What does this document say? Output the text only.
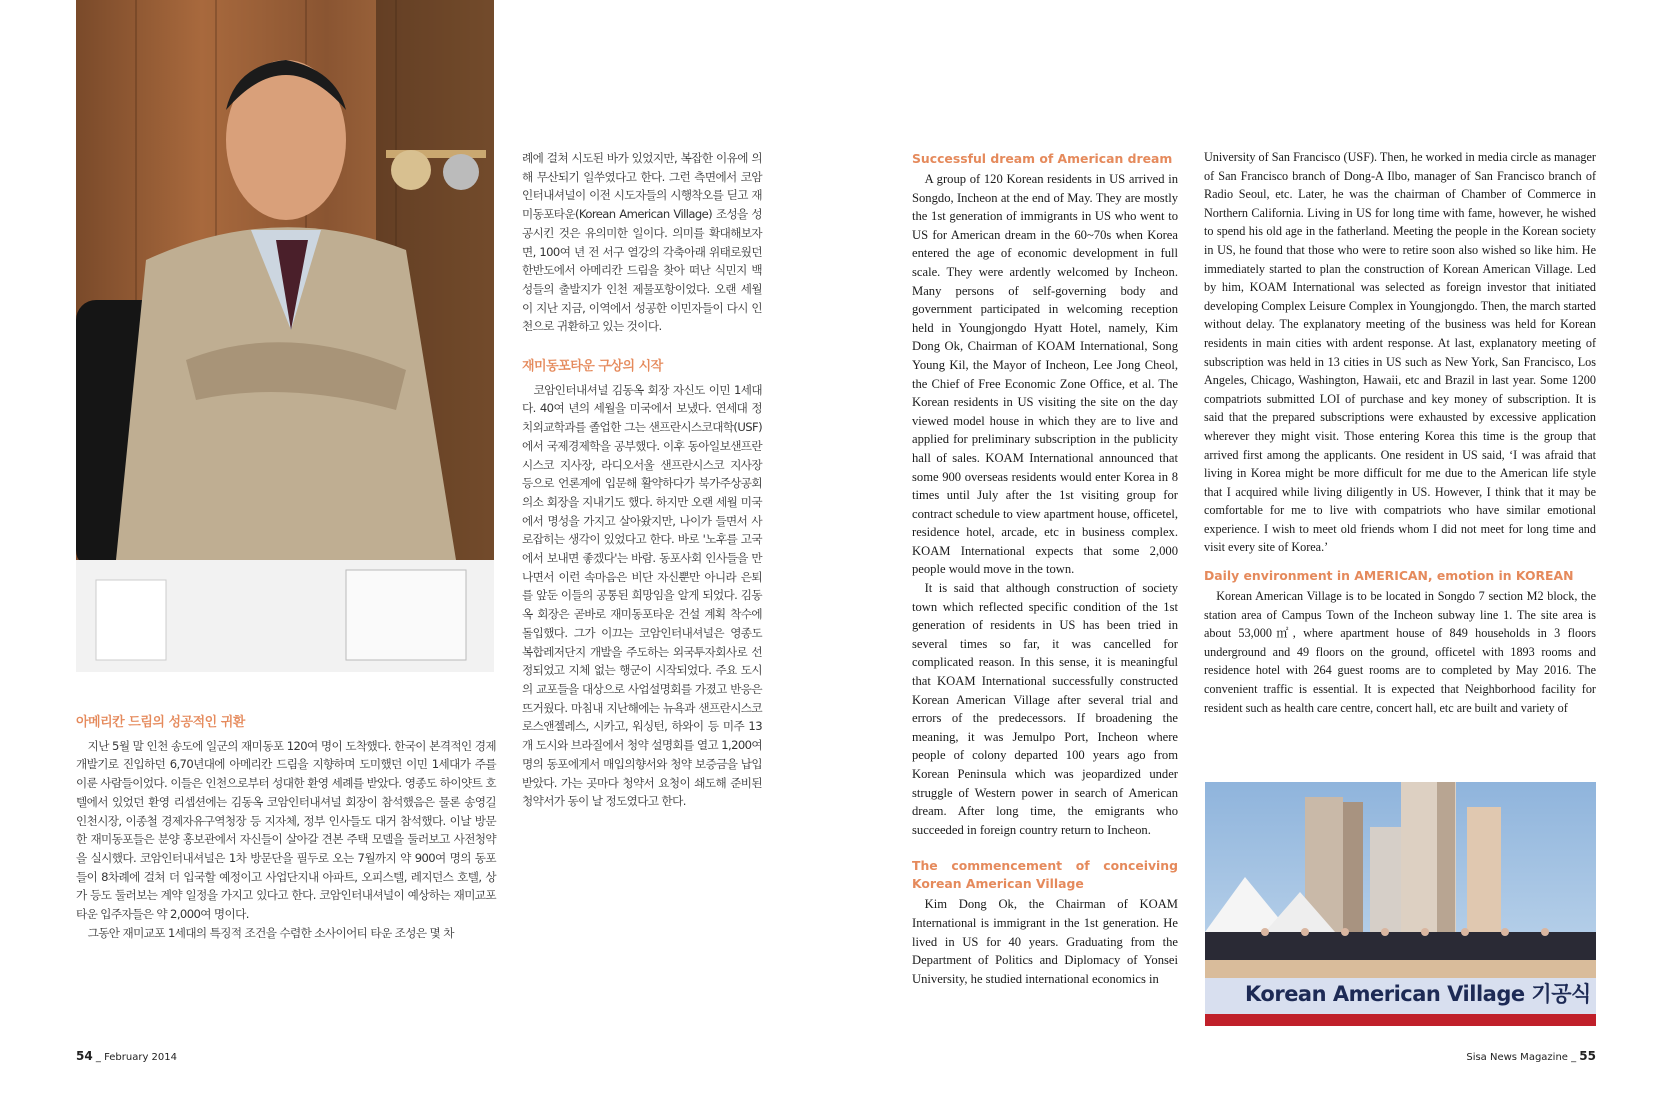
아메리칸 드림의 성공적인 귀환

지난 5월 말 인천 송도에 일군의 재미동포 120여 명이 도착했다. 한국이 본격적인 경제개발기로 진입하던 6,70년대에 아메리칸 드림을 지향하며 도미했던 이민 1세대가 주를 이룬 사람들이었다. 이들은 인천으로부터 성대한 환영 세례를 받았다. 영종도 하이얏트 호텔에서 있었던 환영 리셉션에는 김동옥 코암인터내셔널 회장이 참석했음은 물론 송영길 인천시장, 이종철 경제자유구역청장 등 지자체, 정부 인사들도 대거 참석했다. 이날 방문한 재미동포들은 분양 홍보관에서 자신들이 살아갈 견본 주택 모델을 둘러보고 사전청약을 실시했다. 코암인터내셔널은 1차 방문단을 필두로 오는 7월까지 약 900여 명의 동포들이 8차례에 걸쳐 더 입국할 예정이고 사업단지내 아파트, 오피스텔, 레지던스 호텔, 상가 등도 둘러보는 계약 일정을 가지고 있다고 한다. 코암인터내셔널이 예상하는 재미교포타운 입주자들은 약 2,000여 명이다.

그동안 재미교포 1세대의 특징적 조건을 수렴한 소사이어티 타운 조성은 몇 차

례에 걸쳐 시도된 바가 있었지만, 복잡한 이유에 의해 무산되기 일쑤였다고 한다. 그런 측면에서 코암인터내셔널이 이전 시도자들의 시행착오를 딛고 재미동포타운(Korean American Village) 조성을 성공시킨 것은 유의미한 일이다. 의미를 확대해보자면, 100여 년 전 서구 열강의 각축아래 위태로웠던 한반도에서 아메리칸 드림을 찾아 떠난 식민지 백성들의 출발지가 인천 제물포항이었다. 오랜 세월이 지난 지금, 이역에서 성공한 이민자들이 다시 인천으로 귀환하고 있는 것이다.

재미동포타운 구상의 시작

코암인터내셔널 김동옥 회장 자신도 이민 1세대다. 40여 년의 세월을 미국에서 보냈다. 연세대 정치외교학과를 졸업한 그는 샌프란시스코대학(USF)에서 국제경제학을 공부했다. 이후 동아일보샌프란시스코 지사장, 라디오서울 샌프란시스코 지사장 등으로 언론계에 입문해 활약하다가 북가주상공회의소 회장을 지내기도 했다. 하지만 오랜 세월 미국에서 명성을 가지고 살아왔지만, 나이가 들면서 사로잡히는 생각이 있었다고 한다. 바로 '노후를 고국에서 보내면 좋겠다'는 바람. 동포사회 인사들을 만나면서 이런 속마음은 비단 자신뿐만 아니라 은퇴를 앞둔 이들의 공통된 희망임을 알게 되었다. 김동옥 회장은 곧바로 재미동포타운 건설 계획 착수에 돌입했다. 그가 이끄는 코암인터내셔널은 영종도 복합레저단지 개발을 주도하는 외국투자회사로 선정되었고 지체 없는 행군이 시작되었다. 주요 도시의 교포들을 대상으로 사업설명회를 가졌고 반응은 뜨거웠다. 마침내 지난해에는 뉴욕과 샌프란시스코 로스앤젤레스, 시카고, 워싱턴, 하와이 등 미주 13개 도시와 브라질에서 청약 설명회를 열고 1,200여 명의 동포에게서 매입의향서와 청약 보증금을 납입 받았다. 가는 곳마다 청약서 요청이 쇄도해 준비된 청약서가 동이 날 정도였다고 한다.

Successful dream of American dream

A group of 120 Korean residents in US arrived in Songdo, Incheon at the end of May. They are mostly the 1st generation of immigrants in US who went to US for American dream in the 60~70s when Korea entered the age of economic development in full scale. They were ardently welcomed by Incheon. Many persons of self-governing body and government participated in welcoming reception held in Youngjongdo Hyatt Hotel, namely, Kim Dong Ok, Chairman of KOAM International, Song Young Kil, the Mayor of Incheon, Lee Jong Cheol, the Chief of Free Economic Zone Office, et al. The Korean residents in US visiting the site on the day viewed model house in which they are to live and applied for preliminary subscription in the publicity hall of sales. KOAM International announced that some 900 overseas residents would enter Korea in 8 times until July after the 1st visiting group for contract schedule to view apartment house, officetel, residence hotel, arcade, etc in business complex. KOAM International expects that some 2,000 people would move in the town.

It is said that although construction of society town which reflected specific condition of the 1st generation of residents in US has been tried in several times so far, it was cancelled for complicated reason. In this sense, it is meaningful that KOAM International successfully constructed Korean American Village after several trial and errors of the predecessors. If broadening the meaning, it was Jemulpo Port, Incheon where people of colony departed 100 years ago from Korean Peninsula which was jeopardized under struggle of Western power in search of American dream. After long time, the emigrants who succeeded in foreign country return to Incheon.

The commencement of conceiving Korean American Village

Kim Dong Ok, the Chairman of KOAM International is immigrant in the 1st generation. He lived in US for 40 years. Graduating from the Department of Politics and Diplomacy of Yonsei University, he studied international economics in

University of San Francisco (USF). Then, he worked in media circle as manager of San Francisco branch of Dong-A Ilbo, manager of San Francisco branch of Radio Seoul, etc. Later, he was the chairman of Chamber of Commerce in Northern California. Living in US for long time with fame, however, he wished to spend his old age in the fatherland. Meeting the people in the Korean society in US, he found that those who were to retire soon also wished so like him. He immediately started to plan the construction of Korean American Village. Led by him, KOAM International was selected as foreign investor that initiated developing Complex Leisure Complex in Youngjongdo. Then, the march started without delay. The explanatory meeting of the business was held for Korean residents in main cities with ardent response. At last, explanatory meeting of subscription was held in 13 cities in US such as New York, San Francisco, Los Angeles, Chicago, Washington, Hawaii, etc and Brazil in last year. Some 1200 compatriots submitted LOI of purchase and key money of subscription. It is said that the prepared subscriptions were exhausted by excessive application wherever they might visit. Those entering Korea this time is the group that arrived first among the applicants. One resident in US said, ‘I was afraid that living in Korea might be more difficult for me due to the American life style that I acquired while living diligently in US. However, I think that it may be comfortable for me to live with compatriots who have similar emotional experience. I wish to meet old friends whom I did not meet for long time and visit every site of Korea.’

Daily environment in AMERICAN, emotion in KOREAN

Korean American Village is to be located in Songdo 7 section M2 block, the station area of Campus Town of the Incheon subway line 1. The site area is about 53,000㎡, where apartment house of 849 households in 3 floors underground and 49 floors on the ground, officetel with 1893 rooms and residence hotel with 264 guest rooms are to completed by May 2016. The convenient traffic is essential. It is expected that Neighborhood facility for resident such as health care centre, concert hall, etc are built and variety of

Korean American Village 기공식
54 _ February 2014	Sisa News Magazine _ 55
